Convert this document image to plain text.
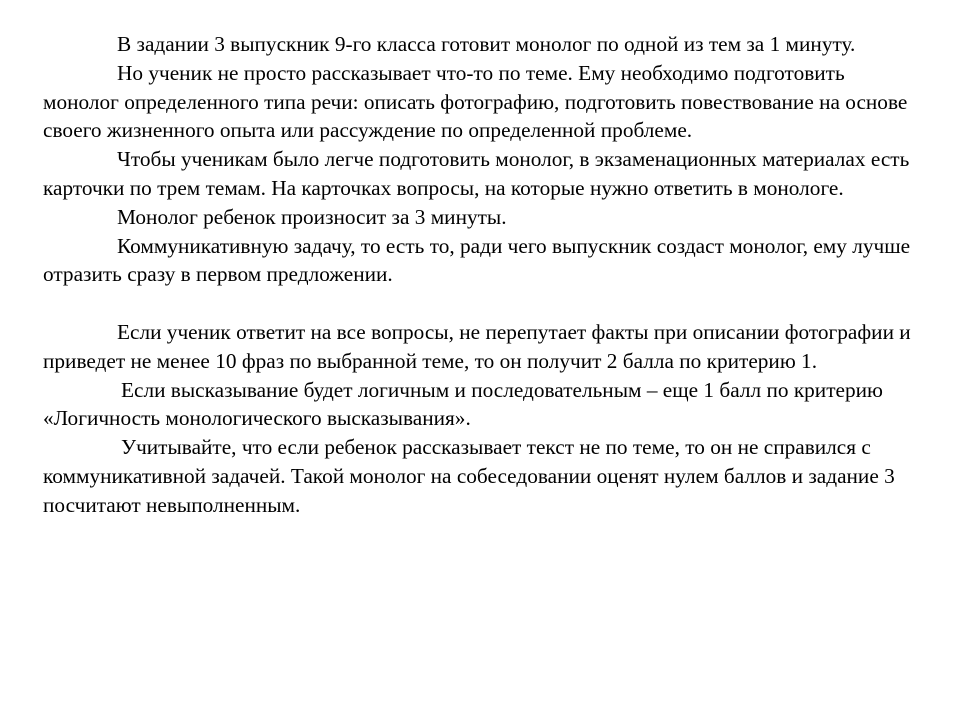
В задании 3 выпускник 9-го класса готовит монолог по одной из тем за 1 минуту.

Но ученик не просто рассказывает что-то по теме. Ему необходимо подготовить монолог определенного типа речи: описать фотографию, подготовить повествование на основе своего жизненного опыта или рассуждение по определенной проблеме.

Чтобы ученикам было легче подготовить монолог, в экзаменационных материалах есть карточки по трем темам. На карточках вопросы, на которые нужно ответить в монологе.

Монолог ребенок произносит за 3 минуты.

Коммуникативную задачу, то есть то, ради чего выпускник создаст монолог, ему лучше отразить сразу в первом предложении.

Если ученик ответит на все вопросы, не перепутает факты при описании фотографии и приведет не менее 10 фраз по выбранной теме, то он получит 2 балла по критерию 1.

Если высказывание будет логичным и последовательным – еще 1 балл по критерию «Логичность монологического высказывания».

Учитывайте, что если ребенок рассказывает текст не по теме, то он не справился с коммуникативной задачей. Такой монолог на собеседовании оценят нулем баллов и задание 3 посчитают невыполненным.
